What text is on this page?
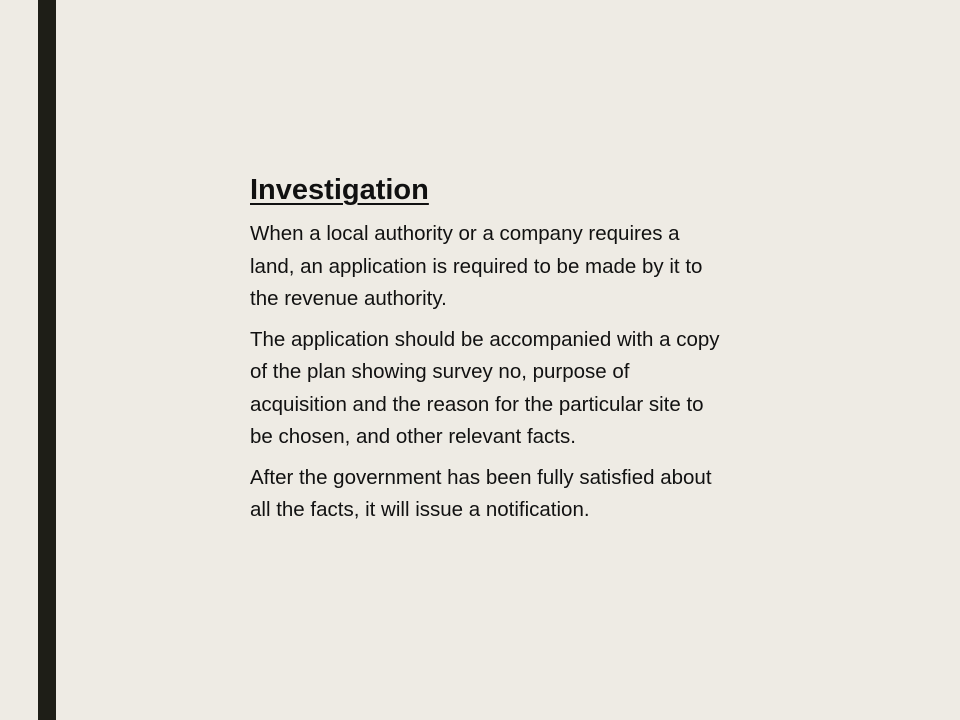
Investigation

When a local authority or a company requires a land, an application is required to be made by it to the revenue authority.

The application should be accompanied with a copy of the plan showing survey no, purpose of acquisition and the reason for the particular site to be chosen, and other relevant facts.

After the government has been fully satisfied about all the facts, it will issue a notification.
